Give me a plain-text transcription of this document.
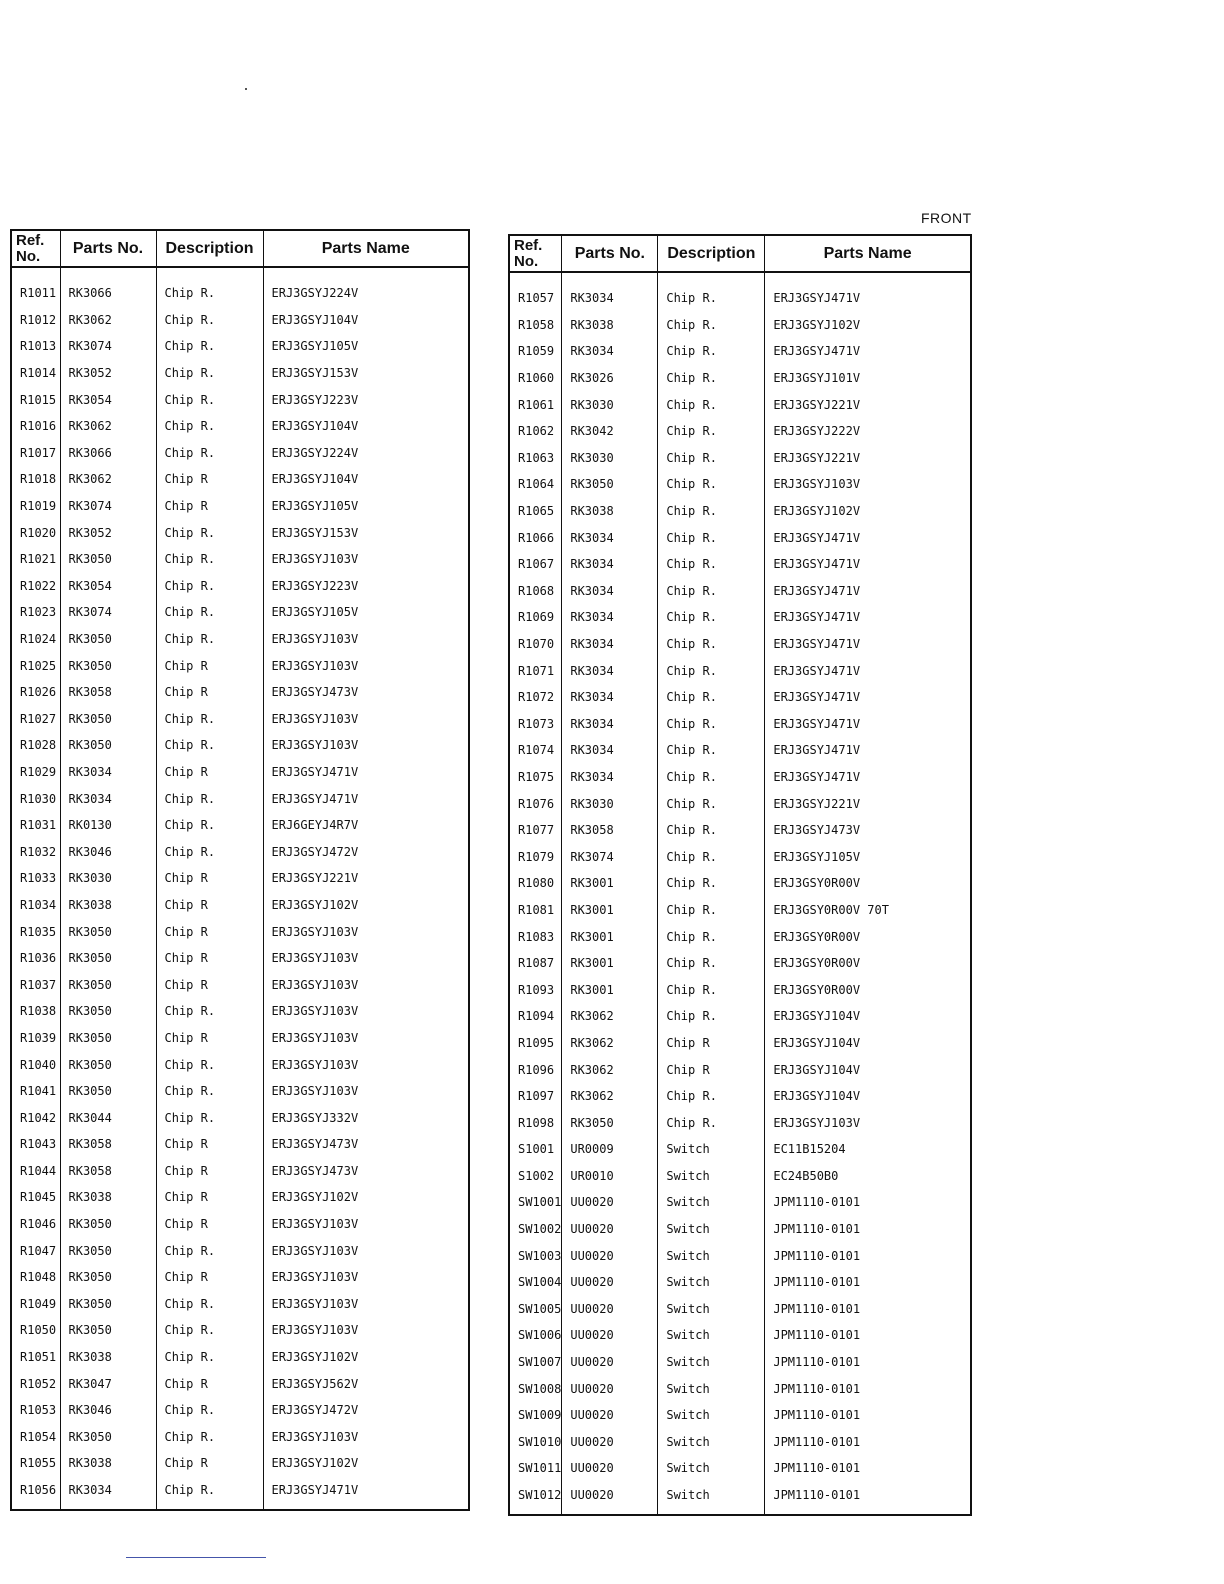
FRONT
Ref.
No.	Parts No.	Description	Parts Name

R1011	RK3066	Chip R.	ERJ3GSYJ224V
R1012	RK3062	Chip R.	ERJ3GSYJ104V
R1013	RK3074	Chip R.	ERJ3GSYJ105V
R1014	RK3052	Chip R.	ERJ3GSYJ153V
R1015	RK3054	Chip R.	ERJ3GSYJ223V
R1016	RK3062	Chip R.	ERJ3GSYJ104V
R1017	RK3066	Chip R.	ERJ3GSYJ224V
R1018	RK3062	Chip R	ERJ3GSYJ104V
R1019	RK3074	Chip R	ERJ3GSYJ105V
R1020	RK3052	Chip R.	ERJ3GSYJ153V
R1021	RK3050	Chip R.	ERJ3GSYJ103V
R1022	RK3054	Chip R.	ERJ3GSYJ223V
R1023	RK3074	Chip R.	ERJ3GSYJ105V
R1024	RK3050	Chip R.	ERJ3GSYJ103V
R1025	RK3050	Chip R	ERJ3GSYJ103V
R1026	RK3058	Chip R	ERJ3GSYJ473V
R1027	RK3050	Chip R.	ERJ3GSYJ103V
R1028	RK3050	Chip R.	ERJ3GSYJ103V
R1029	RK3034	Chip R	ERJ3GSYJ471V
R1030	RK3034	Chip R.	ERJ3GSYJ471V
R1031	RK0130	Chip R.	ERJ6GEYJ4R7V
R1032	RK3046	Chip R.	ERJ3GSYJ472V
R1033	RK3030	Chip R	ERJ3GSYJ221V
R1034	RK3038	Chip R	ERJ3GSYJ102V
R1035	RK3050	Chip R	ERJ3GSYJ103V
R1036	RK3050	Chip R	ERJ3GSYJ103V
R1037	RK3050	Chip R	ERJ3GSYJ103V
R1038	RK3050	Chip R.	ERJ3GSYJ103V
R1039	RK3050	Chip R	ERJ3GSYJ103V
R1040	RK3050	Chip R.	ERJ3GSYJ103V
R1041	RK3050	Chip R.	ERJ3GSYJ103V
R1042	RK3044	Chip R.	ERJ3GSYJ332V
R1043	RK3058	Chip R	ERJ3GSYJ473V
R1044	RK3058	Chip R	ERJ3GSYJ473V
R1045	RK3038	Chip R	ERJ3GSYJ102V
R1046	RK3050	Chip R	ERJ3GSYJ103V
R1047	RK3050	Chip R.	ERJ3GSYJ103V
R1048	RK3050	Chip R	ERJ3GSYJ103V
R1049	RK3050	Chip R.	ERJ3GSYJ103V
R1050	RK3050	Chip R.	ERJ3GSYJ103V
R1051	RK3038	Chip R.	ERJ3GSYJ102V
R1052	RK3047	Chip R	ERJ3GSYJ562V
R1053	RK3046	Chip R.	ERJ3GSYJ472V
R1054	RK3050	Chip R.	ERJ3GSYJ103V
R1055	RK3038	Chip R	ERJ3GSYJ102V
R1056	RK3034	Chip R.	ERJ3GSYJ471V

Ref.
No.	Parts No.	Description	Parts Name

R1057	RK3034	Chip R.	ERJ3GSYJ471V
R1058	RK3038	Chip R.	ERJ3GSYJ102V
R1059	RK3034	Chip R.	ERJ3GSYJ471V
R1060	RK3026	Chip R.	ERJ3GSYJ101V
R1061	RK3030	Chip R.	ERJ3GSYJ221V
R1062	RK3042	Chip R.	ERJ3GSYJ222V
R1063	RK3030	Chip R.	ERJ3GSYJ221V
R1064	RK3050	Chip R.	ERJ3GSYJ103V
R1065	RK3038	Chip R.	ERJ3GSYJ102V
R1066	RK3034	Chip R.	ERJ3GSYJ471V
R1067	RK3034	Chip R.	ERJ3GSYJ471V
R1068	RK3034	Chip R.	ERJ3GSYJ471V
R1069	RK3034	Chip R.	ERJ3GSYJ471V
R1070	RK3034	Chip R.	ERJ3GSYJ471V
R1071	RK3034	Chip R.	ERJ3GSYJ471V
R1072	RK3034	Chip R.	ERJ3GSYJ471V
R1073	RK3034	Chip R.	ERJ3GSYJ471V
R1074	RK3034	Chip R.	ERJ3GSYJ471V
R1075	RK3034	Chip R.	ERJ3GSYJ471V
R1076	RK3030	Chip R.	ERJ3GSYJ221V
R1077	RK3058	Chip R.	ERJ3GSYJ473V
R1079	RK3074	Chip R.	ERJ3GSYJ105V
R1080	RK3001	Chip R.	ERJ3GSY0R00V
R1081	RK3001	Chip R.	ERJ3GSY0R00V 70T
R1083	RK3001	Chip R.	ERJ3GSY0R00V
R1087	RK3001	Chip R.	ERJ3GSY0R00V
R1093	RK3001	Chip R.	ERJ3GSY0R00V
R1094	RK3062	Chip R.	ERJ3GSYJ104V
R1095	RK3062	Chip R	ERJ3GSYJ104V
R1096	RK3062	Chip R	ERJ3GSYJ104V
R1097	RK3062	Chip R.	ERJ3GSYJ104V
R1098	RK3050	Chip R.	ERJ3GSYJ103V
S1001	UR0009	Switch	EC11B15204
S1002	UR0010	Switch	EC24B50B0
SW1001	UU0020	Switch	JPM1110-0101
SW1002	UU0020	Switch	JPM1110-0101
SW1003	UU0020	Switch	JPM1110-0101
SW1004	UU0020	Switch	JPM1110-0101
SW1005	UU0020	Switch	JPM1110-0101
SW1006	UU0020	Switch	JPM1110-0101
SW1007	UU0020	Switch	JPM1110-0101
SW1008	UU0020	Switch	JPM1110-0101
SW1009	UU0020	Switch	JPM1110-0101
SW1010	UU0020	Switch	JPM1110-0101
SW1011	UU0020	Switch	JPM1110-0101
SW1012	UU0020	Switch	JPM1110-0101
